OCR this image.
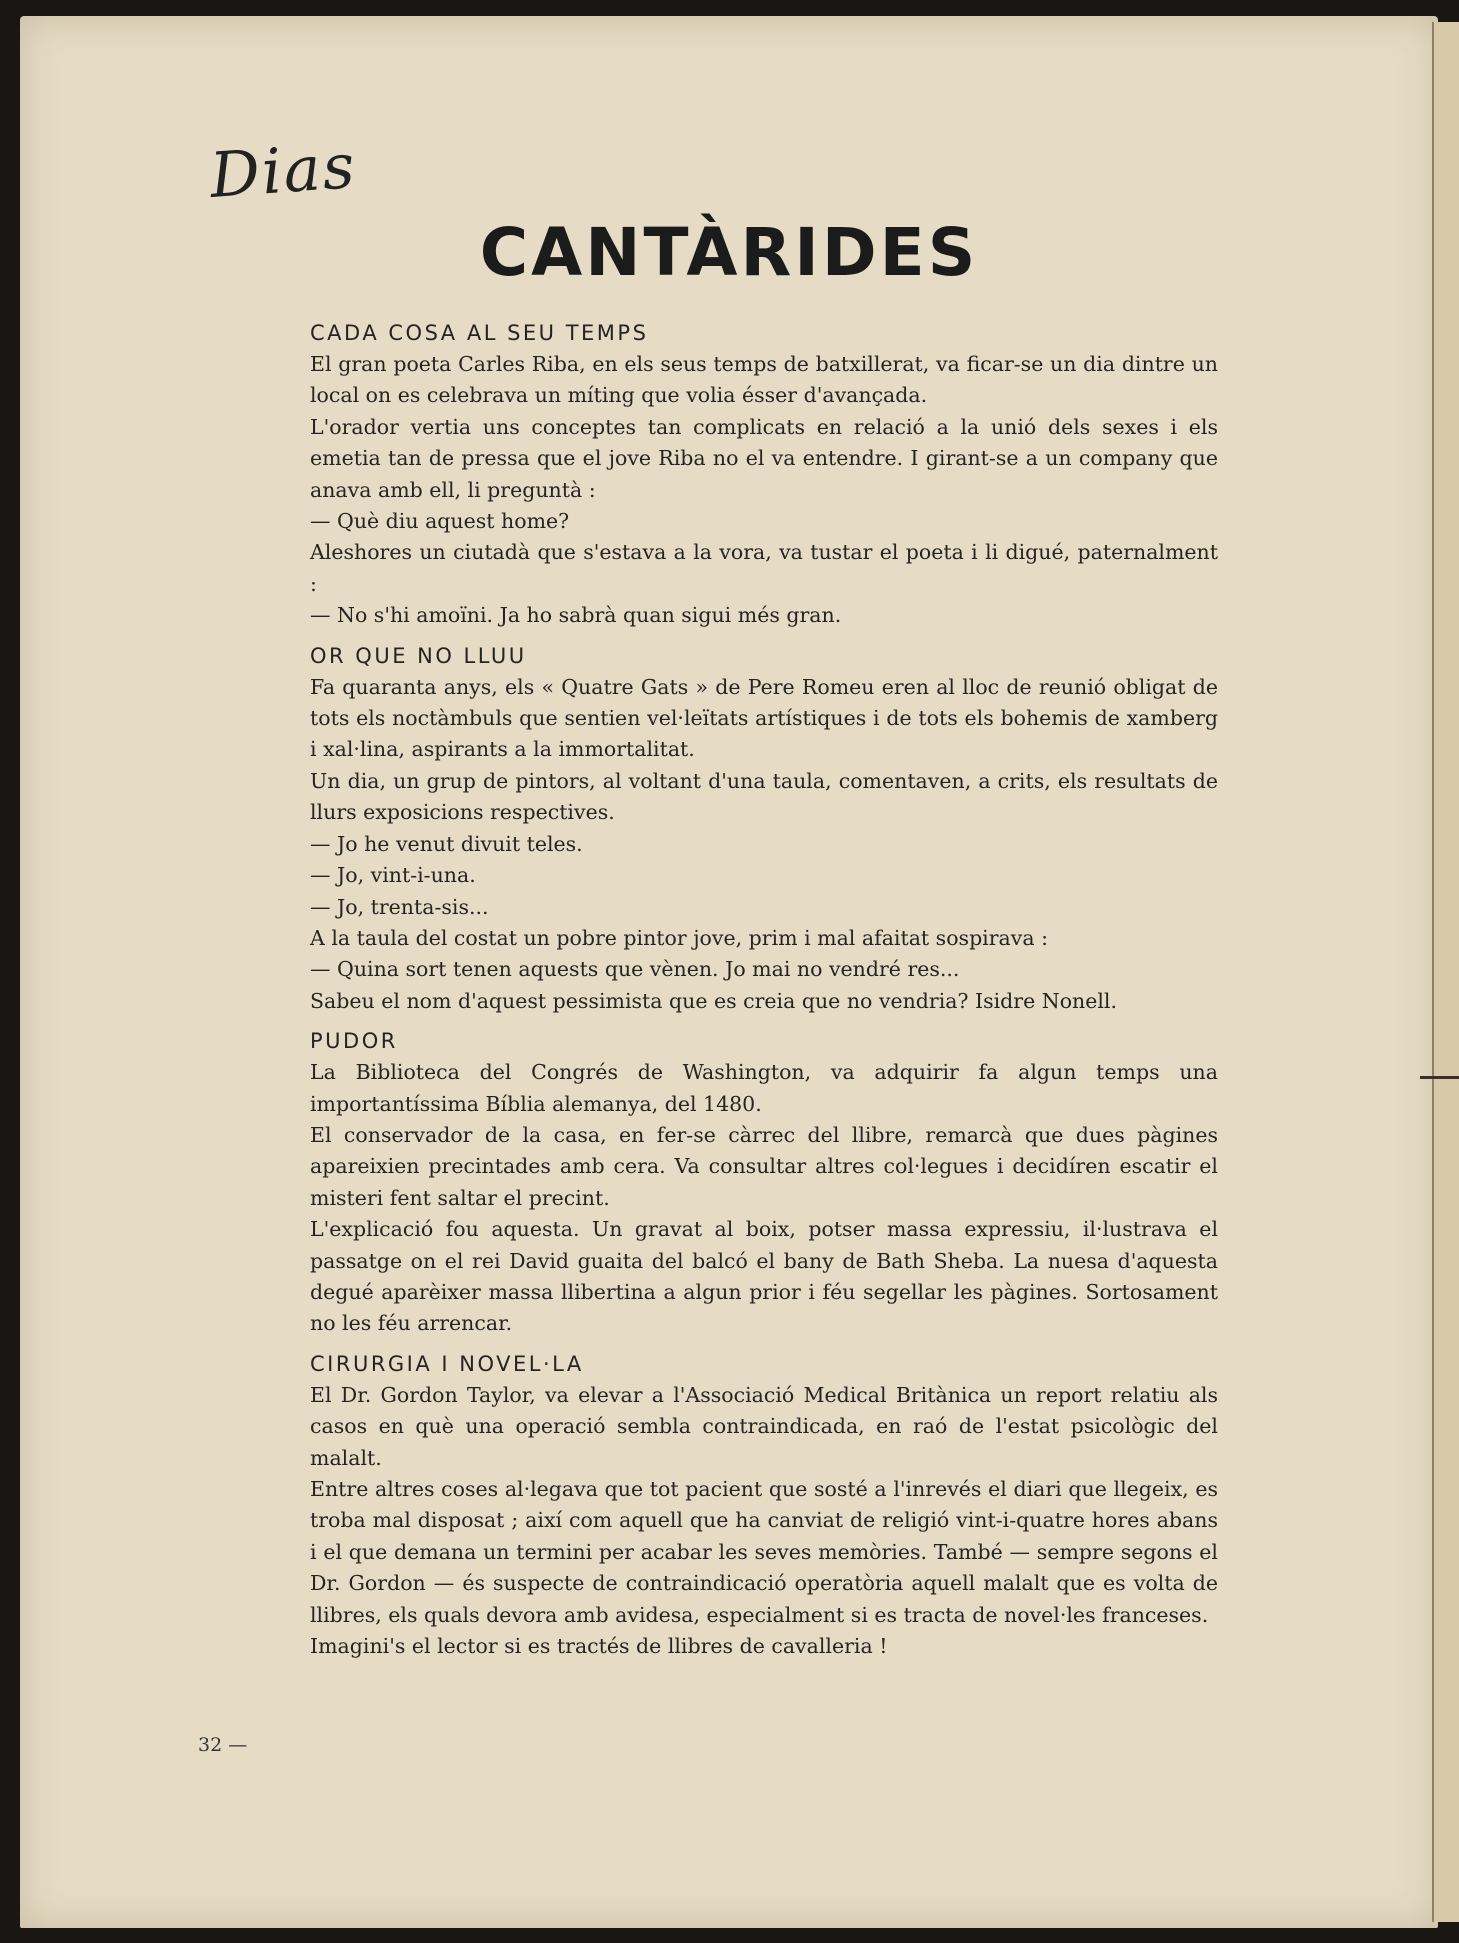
Dias
CANTÀRIDES
CADA COSA AL SEU TEMPS

El gran poeta Carles Riba, en els seus temps de batxillerat, va ficar-se un dia dintre un local on es celebrava un míting que volia ésser d'avançada.

L'orador vertia uns conceptes tan complicats en relació a la unió dels sexes i els emetia tan de pressa que el jove Riba no el va entendre. I girant-se a un company que anava amb ell, li preguntà :

— Què diu aquest home?

Aleshores un ciutadà que s'estava a la vora, va tustar el poeta i li digué, paternalment :

— No s'hi amoïni. Ja ho sabrà quan sigui més gran.

OR QUE NO LLUU

Fa quaranta anys, els « Quatre Gats » de Pere Romeu eren al lloc de reunió obligat de tots els noctàmbuls que sentien vel·leïtats artístiques i de tots els bohemis de xamberg i xal·lina, aspirants a la immortalitat.

Un dia, un grup de pintors, al voltant d'una taula, comentaven, a crits, els resultats de llurs exposicions respectives.

— Jo he venut divuit teles.

— Jo, vint-i-una.

— Jo, trenta-sis...

A la taula del costat un pobre pintor jove, prim i mal afaitat sospirava :

— Quina sort tenen aquests que vènen. Jo mai no vendré res...

Sabeu el nom d'aquest pessimista que es creia que no vendria? Isidre Nonell.

PUDOR

La Biblioteca del Congrés de Washington, va adquirir fa algun temps una importantíssima Bíblia alemanya, del 1480.

El conservador de la casa, en fer-se càrrec del llibre, remarcà que dues pàgines apareixien precintades amb cera. Va consultar altres col·legues i decidíren escatir el misteri fent saltar el precint.

L'explicació fou aquesta. Un gravat al boix, potser massa expressiu, il·lustrava el passatge on el rei David guaita del balcó el bany de Bath Sheba. La nuesa d'aquesta degué aparèixer massa llibertina a algun prior i féu segellar les pàgines. Sortosament no les féu arrencar.

CIRURGIA I NOVEL·LA

El Dr. Gordon Taylor, va elevar a l'Associació Medical Britànica un report relatiu als casos en què una operació sembla contraindicada, en raó de l'estat psicològic del malalt.

Entre altres coses al·legava que tot pacient que sosté a l'inrevés el diari que llegeix, es troba mal disposat ; així com aquell que ha canviat de religió vint-i-quatre hores abans i el que demana un termini per acabar les seves memòries. També — sempre segons el Dr. Gordon — és suspecte de contraindicació operatòria aquell malalt que es volta de llibres, els quals devora amb avidesa, especialment si es tracta de novel·les franceses.

Imagini's el lector si es tractés de llibres de cavalleria !

32 —
